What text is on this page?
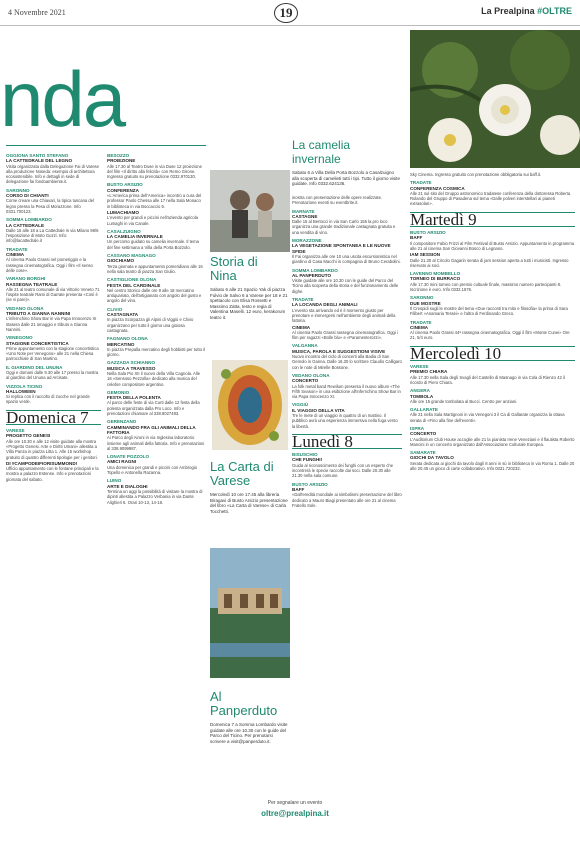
4 Novembre 2021	19	La Prealpina #OLTRE
nda
La camelia invernale
Sabato 6 a Villa Della Porta Bozzolo a Casalzuigno alla scoperta di camelieti tutti i tipi. Tutto il giorno visite guidate. Info 0332.624136.
OGGIONA SANTO STEFANO
LA CATTEDRALE DEL LEGNO

Visita organizzata dalla Delegazione Fai di Varese alla produzione Noseda: esempio di architettura ecosostenibile. Info e dettagli in sede di delegazione fai fondoambiente.it.

SARONNO
CORSO DI CHIANTI

Come creare una Chiavari, la tipica tuscana del legno presso la Pesa di Morazzone. Info 0331.700123.

SOMMA LOMBARDO
LA CATTEDRALE

Dalle 15 alle 18 a La Cattedrale in via Milano 98/6 l'esposizione di Moto Guzzi. Info: info@lacattedrale.it

TRADATE
CINEMA

Al cinema Paolo Grassi nel pomeriggio e la rassegna cinematografica. Oggi i film «Il senso delle cose».

VARANO BORGHI
RASSEGNA TEATRALE

Alle 21 al teatro comunale di via Vittorio Veneto 71 l'ospite teatrale Rami di Garrate presenta «Così è (se vi pare)».

VEDANO OLONA
TRIBUTO A GIANNA NANNINI

L'infernchino Show Bar in via Papa Innocenzo XI stasera dalle 21 omaggio e tributo a Gianna Nannini.

VENEGONO
STAGIONE CONCERTISTICA

Prime appuntamento con la stagione concertistica «Uno Note per Venegono» alle 21 nella Chiesa parrocchiale di San Martino.

IL GIARDINO DEL UNUNA

Oggi e domani dalle 9.30 alle 17 presso la mostra al giardino del Ununa ad Arcisate.

VIZZOLA TICINO
HALLOWEEN

Si replica con il raccolto di zucche nel grande spazio verde.

Domenica 7
VARESE
PROGETTO GENESI

Alle ore 10.30 e alle 12 visite guidate alla mostra «Progetto Genesi. Arte e Diritti Umani» allestita a Villa Panza in piazza Litta 1. Alle 15 workshop gratuito di quattro differenti tipologie per i genitori.

DI #CAMPODEIFIORISUMMOND!

Ufficio appuntamento con le fontane principali e la mostra a palazzo Estense. Info e prenotazioni giornata del sabato.

BESOZZO
PROIEZIONE

Alle 17.30 al Teatro Duse in via Duse 12 proiezione del film «Il diritto alla felicità» con Remo Girone. Ingresso gratuito su prenotazione 0332.970130.

BUSTO ARSIZIO
CONFERENZA

«L'America prima dell'America» incontro a cura del professor Paolo Chessa alle 17 nella Sala Monaco in biblioteca in via Boccaccio 5.

LUMACHIAMO

L'evento per grandi e piccini nell'azienda agricola Lumaghi in via Canale.

CASALZUIGNO
LA CAMELIA INVERNALE

Un percorso guidato su camelia invernale. Il tema del fine settimana a Villa della Porta Bozzolo.

CASSANO MAGNAGO
GIOCHIAMO

Terza giornata e appuntamento pomeridiano alle 16 nella sala teatro di piazza San Giulio.

CASTIGLIONE OLONA
FESTA DEL CARDINALE

Nel centro Storico dalle ore 9 alle 18 mercatino antiquariato, dell'artigianato con angolo del gusto e angolo del vino.

CLIVIO
CASTAGNATA

In piazza Scorpazza gli Alpini di Viggiù e Clivio organizzano per tutto il giorno una gioiosa castagnata.

FAGNANO OLONA
MERCATINO

In piazza Prepalla mercatino degli hobbisti per tutto il giorno.

GAZZADA SCHIANNO
MUSICA A TRAVESSO

Nella Sala Pio XII il nuovo della Villa Cagnola. Alle 16 «Sensoso Pezzolla» dedicato alla musica del celebre compositore argentino.

GEMONIO
FESTA DELLA POLENTA

Al parco delle feste di via Curti dalle 12 festa della polenta organizzata dalla Pro Loco. Info e prenotazioni chiamare al 338.9027493.

GERENZANO
CAMMINANDO FRA GLI ANIMALI DELLA FATTORIA

Ai Parco degli Aironi in via Inglesina laboratorio insieme agli animali della fattoria. Info e prenotazioni al 338.9099987.

LONATE POZZOLO
AMICI RAGNI

Una domenica per grandi e piccini con Ambrogio Topello e Antonella Razanna.

LUINO
ARTE E DIALOGHI

Termina un aggi la possibilità di visitare la mostra di dipinti allestita a Palazzo Verbania in via Dante Alighieri 6. Orari 10-13, 14-18.

Storia di Nina
Sabato 6 alle 21 Spazio Yak di piazza Fulvio de Salvo 6 a Varese per 18 e 21 spettacolo con Elisa Rossetti e Massimo Zatta, testo e regia di Valentina Maselli. 12 euro, kerakorum teatro it.
La Carta di Varese
Mercoledì 10 ore 17.45 alla libreria Biragavi di Busto Arsizio presentazione del libro «La Carta di Varese» di Carla Tocchetti.
Al Panperduto
Domenica 7 a Somma Lombardo visite guidate alle ore 10.30 con le guide del Parco del Ticino. Per prenotarsi scrivere a visit@panperduto.it.
Per segnalare un evento
oltre@prealpina.it

inostra con presentazione delle opere realizzate. Prenotazione eventi su eventbrite.it.

MARNATE
CASTAGNE

Dalle 15 al Bertocci in via San Carlo 155 la pro loco organizza una grande tradizionale castagnata gratuita e una vendita di vino.

MORAZZONE
LA VEGETAZIONE SPONTANEA E LE NUOVE SFIDE

Il Fai organizza alle ore 10 una uscita escursionistica nel giardino di Casa Macchi in compagnia di Bruno Cerabolini.

SOMMA LOMBARDO
AL PANPERDUTO

Visite guidate alle ore 10.30 con le guide del Parco del Ticino alla scoperta della storia e del funzionamento delle dighe.

TRADATE
LA LOCANDA DEGLI ANIMALI

L'evento sta arrivando ed è il momento giusto per prenotare e immergersi nell'ambiente degli animali della fattoria.

CINEMA

Al cinema Paolo Grassi rassegna cinematografica. Oggi i film per ragazzi «Bolle blu» e «Paramenterozzi».

VALGANNA
MUSICA, PAROLA E SUGGESTIONI VISIVE

Nuovo incontro del ciclo di concerti alla Badia di San Gemolo in Ganna. Dalle 16.30 lo scrittore Claudio Calligaro con le note di Mirelle Bossone.

VEDANO OLONA
CONCERTO

La folk metal band Rewilum presenta il nuovo album «The Fifth Season» in una esibizione all'Infernchino Show Bar in via Papa Innocenzo XI.

VIGGIÙ
IL VIAGGIO DELLA VITA

Tre le mete di un viaggio in quattro di un mattino. Il pubblico avrà una esperienza immersiva nella fuga verso la libertà.

Lunedì 8
BISUSCHIO
CHE FUNGHI!

Guida al riconoscimento dei funghi con un esperto che incontrerà le specie raccolte dai soci. Dalle 20.30 alle 21.30 nella sala comune.

BUSTO ARSIZIO
BAFF

«Dall'eredità mondiale ai simbolismi presentazione del libro dedicato a Mauro Biagi presentato alle ore 21 al cinema Fratello Sole.

Sky Cinema. Ingresso gratuito con prenotazione obbligatoria sui baff.it.

TRADATE
CONFERENZA COSMICA

Alle 21 sul sito del Gruppo astronomico tradatese conferenza della dottoressa Roberta Rolando del Gruppo di Pasadena sul tema «Dalle polveri interstellari ai pianeti extrasolari».

Martedì 9
BUSTO ARSIZIO
BAFF

Il compositore Fabio Frizzi al Film Festival di Busto Arsizio. Appuntamento in programma alle 21 al cinema San Giovanni Bosco di Legnano.

IAM SESSION

Dalle 21.30 al Circolo Gagarin serata di jam session aperta a tutti i musicisti. Ingresso riservato ai soci.

LAVENNO MOMBELLO
TORNEO DI BURRACO

Alle 17.30 mini torneo con premio cultuale finale, massimo numero partecipanti 8. Iscrizione è euro. Info 0332.1876.

SARONNO
DUE MOSTRE

Il Crespidi sugli le mostre del tema «Due racconti tra mito e filosofia» la prima di Sara Filibert «Anamaria Tessei» e l'altra di Ferdinando Greco.

TRADATE
CINEMA

Al cinema Paolo Grassi 44ª rassegna cinematografica. Oggi il film «Monte Cunei» Ore 21, 5/4 euro.

Mercoledì 10
VARESE
PREMIO CHIARA

Alle 17.30 nella Sala degli Svagli del Castello di Masnago in via Cola di Rienzo 42 il ricordo di Piero Chiara.

ANGERA
TOMBOLA

Alle ore 15 grande tombolata al Bucci. Centro per anziani.

GALLARATE

Alle 21 nella Sala Martignoni in via Venegoni 3 il Ca di Gallarate organizza la ottava serata di «Fino alla fine dell'eventi».

ISPRA
CONCERTO

L'Auditorium Club House accoglie alle 21 la pianista Irene Veneziani e il flautista Roberto Mancini in un concerto organizzato dall'Associazione Culturale Europea.

SAMARATE
GIOCHI DA TAVOLO

Serata dedicata ai giochi da tavolo dagli 8 anni in sù in biblioteca in via Roma 1. Dalle 20 alle 20.45 un gioco di carte collaborativo. Info 0331.720232.
